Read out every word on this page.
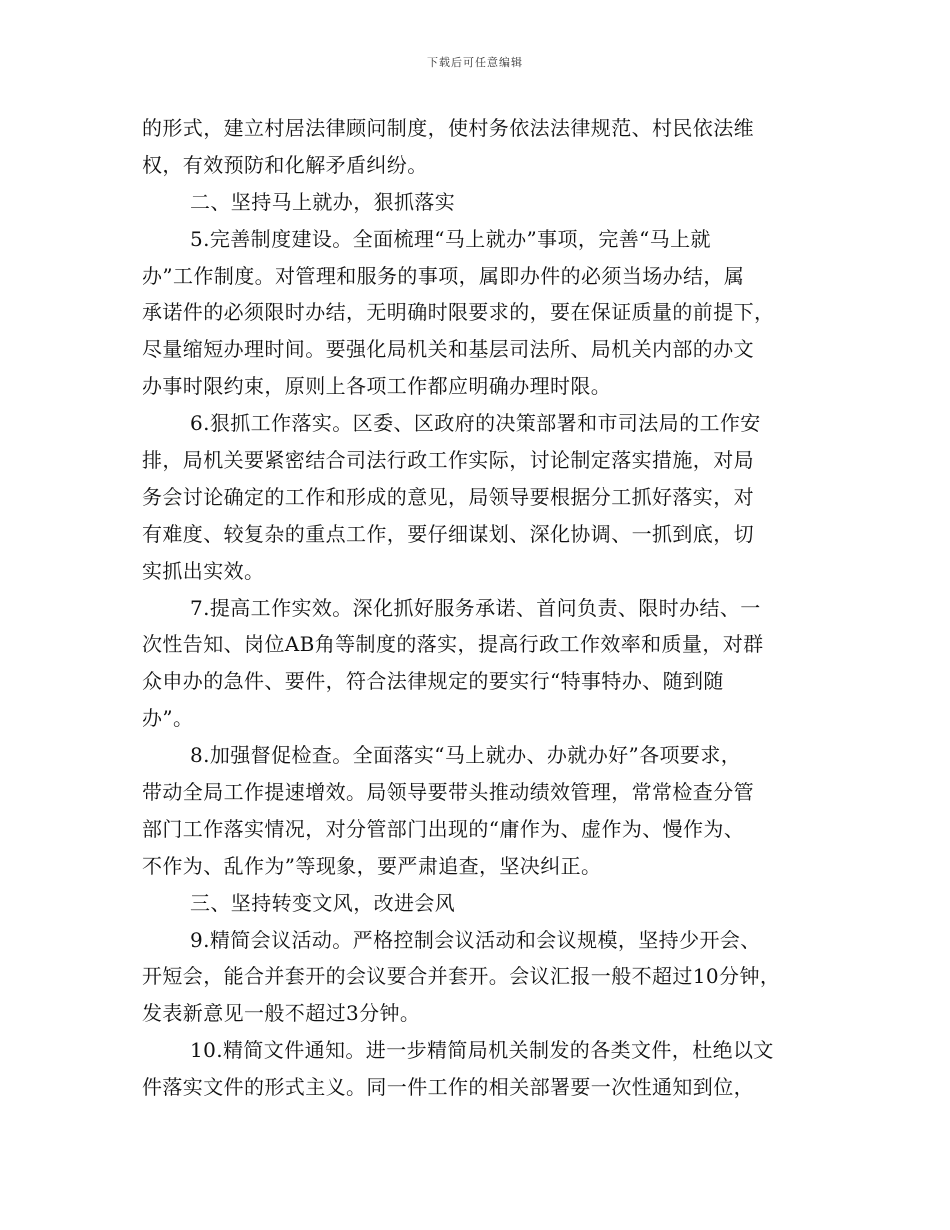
下载后可任意编辑
的形式，建立村居法律顾问制度，使村务依法法律规范、村民依法维
权，有效预防和化解矛盾纠纷。
二、坚持马上就办，狠抓落实
5.完善制度建设。全面梳理“马上就办”事项，完善“马上就
办”工作制度。对管理和服务的事项，属即办件的必须当场办结，属
承诺件的必须限时办结，无明确时限要求的，要在保证质量的前提下，
尽量缩短办理时间。要强化局机关和基层司法所、局机关内部的办文
办事时限约束，原则上各项工作都应明确办理时限。
6.狠抓工作落实。区委、区政府的决策部署和市司法局的工作安
排，局机关要紧密结合司法行政工作实际，讨论制定落实措施，对局
务会讨论确定的工作和形成的意见，局领导要根据分工抓好落实，对
有难度、较复杂的重点工作，要仔细谋划、深化协调、一抓到底，切
实抓出实效。
7.提高工作实效。深化抓好服务承诺、首问负责、限时办结、一
次性告知、岗位AB角等制度的落实，提高行政工作效率和质量，对群
众申办的急件、要件，符合法律规定的要实行“特事特办、随到随
办”。
8.加强督促检查。全面落实“马上就办、办就办好”各项要求，
带动全局工作提速增效。局领导要带头推动绩效管理，常常检查分管
部门工作落实情况，对分管部门出现的“庸作为、虚作为、慢作为、
不作为、乱作为”等现象，要严肃追查，坚决纠正。
三、坚持转变文风，改进会风
9.精简会议活动。严格控制会议活动和会议规模，坚持少开会、
开短会，能合并套开的会议要合并套开。会议汇报一般不超过10分钟，
发表新意见一般不超过3分钟。
10.精简文件通知。进一步精简局机关制发的各类文件，杜绝以文
件落实文件的形式主义。同一件工作的相关部署要一次性通知到位，
